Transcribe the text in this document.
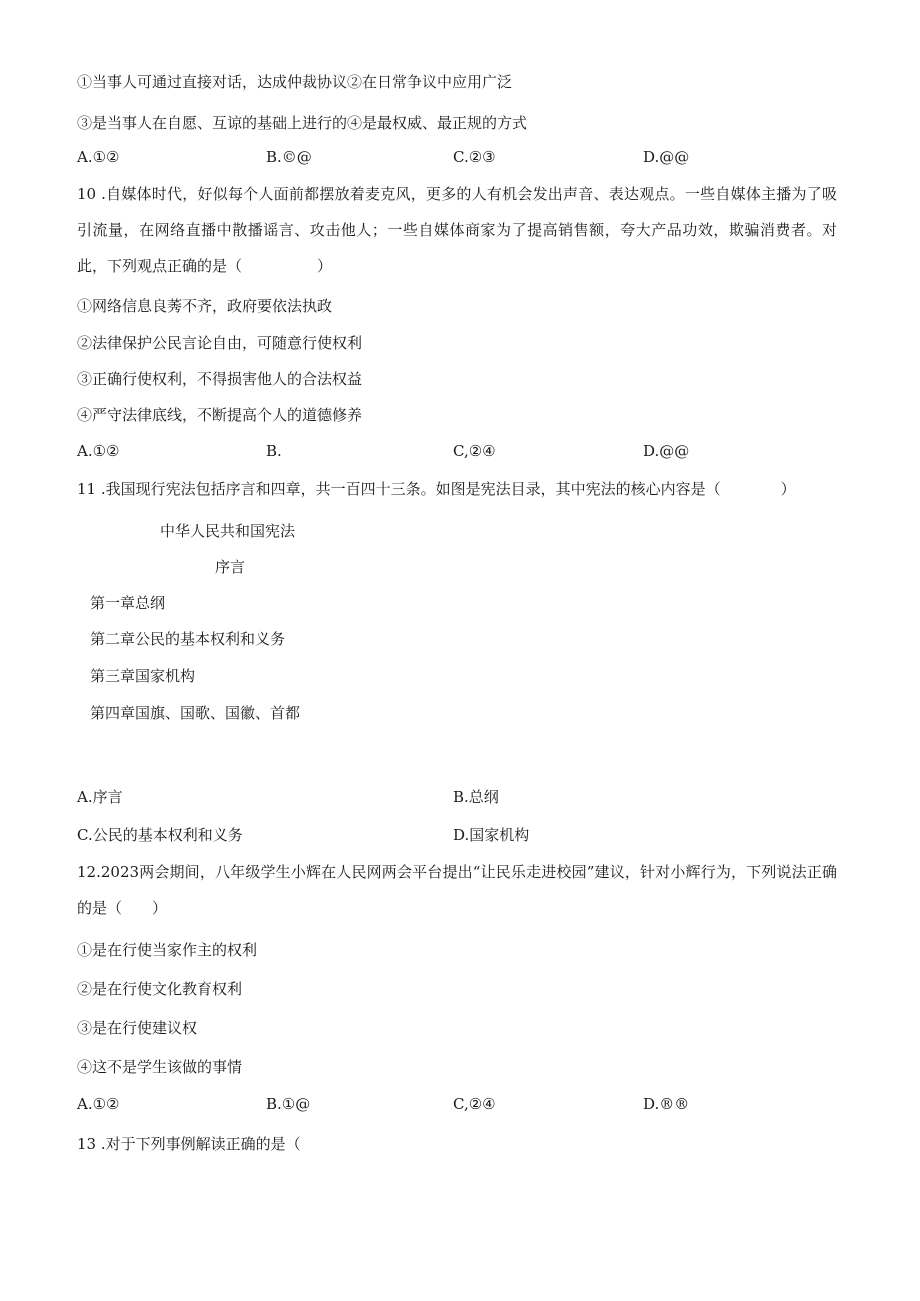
①当事人可通过直接对话，达成仲裁协议②在日常争议中应用广泛
③是当事人在自愿、互谅的基础上进行的④是最权威、最正规的方式
A.①②	B.©@	C.②③	D.@@
10 .自媒体时代，好似每个人面前都摆放着麦克风，更多的人有机会发出声音、表达观点。一些自媒体主播为了吸引流量，在网络直播中散播谣言、攻击他人；一些自媒体商家为了提高销售额，夸大产品功效，欺骗消费者。对此，下列观点正确的是（　　　　　）
①网络信息良莠不齐，政府要依法执政
②法律保护公民言论自由，可随意行使权利
③正确行使权利，不得损害他人的合法权益
④严守法律底线，不断提高个人的道德修养
A.①②	B.	C,②④	D.@@
11 .我国现行宪法包括序言和四章，共一百四十三条。如图是宪法目录，其中宪法的核心内容是（　　　　）
中华人民共和国宪法
序言
第一章总纲
第二章公民的基本权利和义务
第三章国家机构
第四章国旗、国歌、国徽、首都
A.序言	B.总纲
C.公民的基本权利和义务	D.国家机构
12.2023两会期间，八年级学生小辉在人民网两会平台提出“让民乐走进校园”建议，针对小辉行为，下列说法正确的是（　　）
①是在行使当家作主的权利
②是在行使文化教育权利
③是在行使建议权
④这不是学生该做的事情
A.①②	B.①@	C,②④	D.®®
13 .对于下列事例解读正确的是（
